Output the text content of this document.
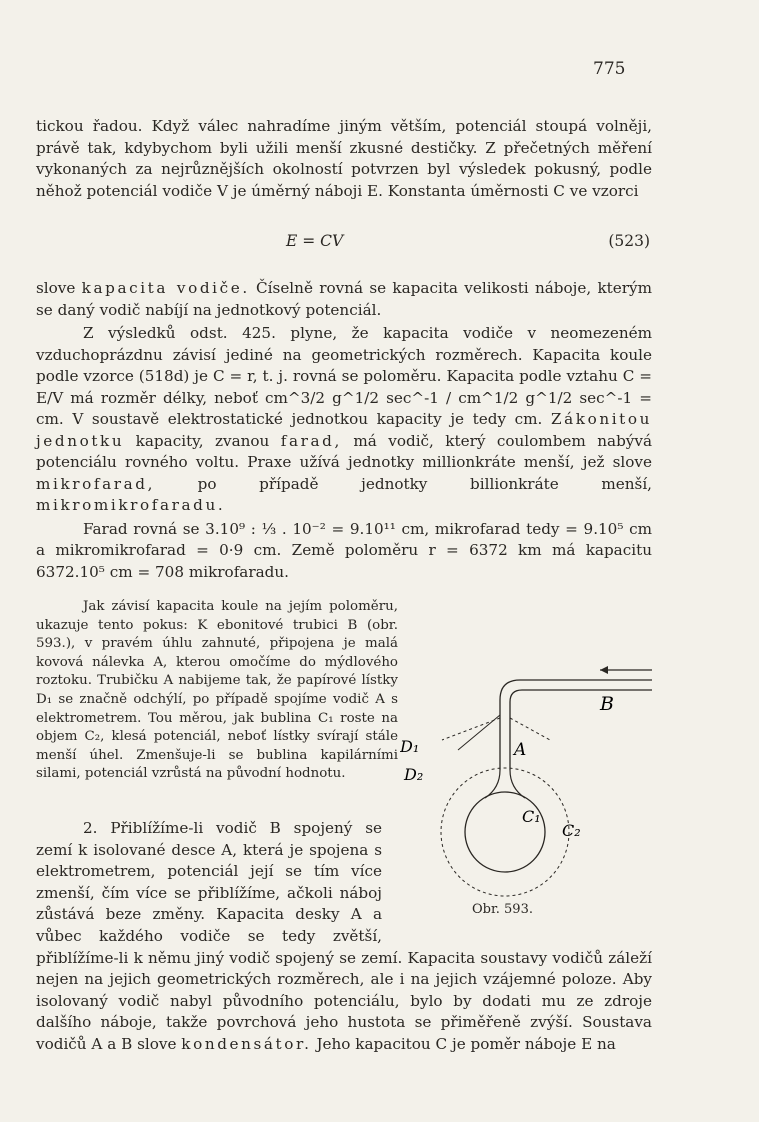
775

tickou řadou. Když válec nahradíme jiným větším, potenciál stoupá volněji, právě tak, kdybychom byli užili menší zkusné destičky. Z přečetných měření vykonaných za nejrůznějších okolností potvrzen byl výsledek pokusný, podle něhož potenciál vodiče V je úměrný náboji E. Konstanta úměrnosti C ve vzorci

E = CV	(523)

slove kapacita vodiče. Číselně rovná se kapacita velikosti náboje, kterým se daný vodič nabíjí na jednotkový potenciál.

Z výsledků odst. 425. plyne, že kapacita vodiče v neomezeném vzduchoprázdnu závisí jediné na geometrických rozměrech. Kapacita koule podle vzorce (518d) je C = r, t. j. rovná se poloměru. Kapacita podle vztahu C = E/V má rozměr délky, neboť cm^3/2 g^1/2 sec^-1 / cm^1/2 g^1/2 sec^-1 = cm. V soustavě elektrostatické jednotkou kapacity je tedy cm. Zákonitou jednotku kapacity, zvanou farad, má vodič, který coulombem nabývá potenciálu rovného voltu. Praxe užívá jednotky millionkráte menší, jež slove mikrofarad,	po případě jednotky billionkráte menší, mikromikrofaradu.

Farad rovná se 3.10⁹ : ⅓ . 10⁻² = 9.10¹¹ cm, mikrofarad tedy = 9.10⁵ cm a mikromikrofarad = 0·9 cm. Země poloměru r = 6372 km má kapacitu 6372.10⁵ cm = 708 mikrofaradu.

Jak závisí kapacita koule na jejím poloměru, ukazuje tento pokus: K ebonitové trubici B (obr. 593.), v pravém úhlu zahnuté, připojena je malá kovová nálevka A, kterou omočíme do mýdlového roztoku. Trubičku A nabijeme tak, že papírové lístky D₁ se značně odchýlí, po případě spojíme vodič A s elektrometrem. Tou měrou, jak bublina C₁ roste na objem C₂, klesá potenciál, neboť lístky svírají stále menší úhel. Zmenšuje-li se bublina kapilárními silami, potenciál vzrůstá na původní hodnotu.

B
A
D₁
D₂
C₁
C₂
Obr. 593.

2. Přiblížíme-li vodič B spojený se zemí k isolované desce A, která je spojena s elektrometrem, potenciál její se tím více zmenší, čím více se přiblížíme, ačkoli náboj zůstává beze změny. Kapacita desky A a vůbec každého vodiče se tedy zvětší, přiblížíme-li k němu jiný vodič spojený se zemí. Kapacita soustavy vodičů záleží nejen na jejich geometrických rozměrech, ale i na jejich vzájemné poloze. Aby isolovaný vodič nabyl původního potenciálu, bylo by dodati mu ze zdroje dalšího náboje, takže povrchová jeho hustota se přiměřeně zvýší. Soustava vodičů A a B slove kondensátor. Jeho kapacitou C je poměr náboje E na
